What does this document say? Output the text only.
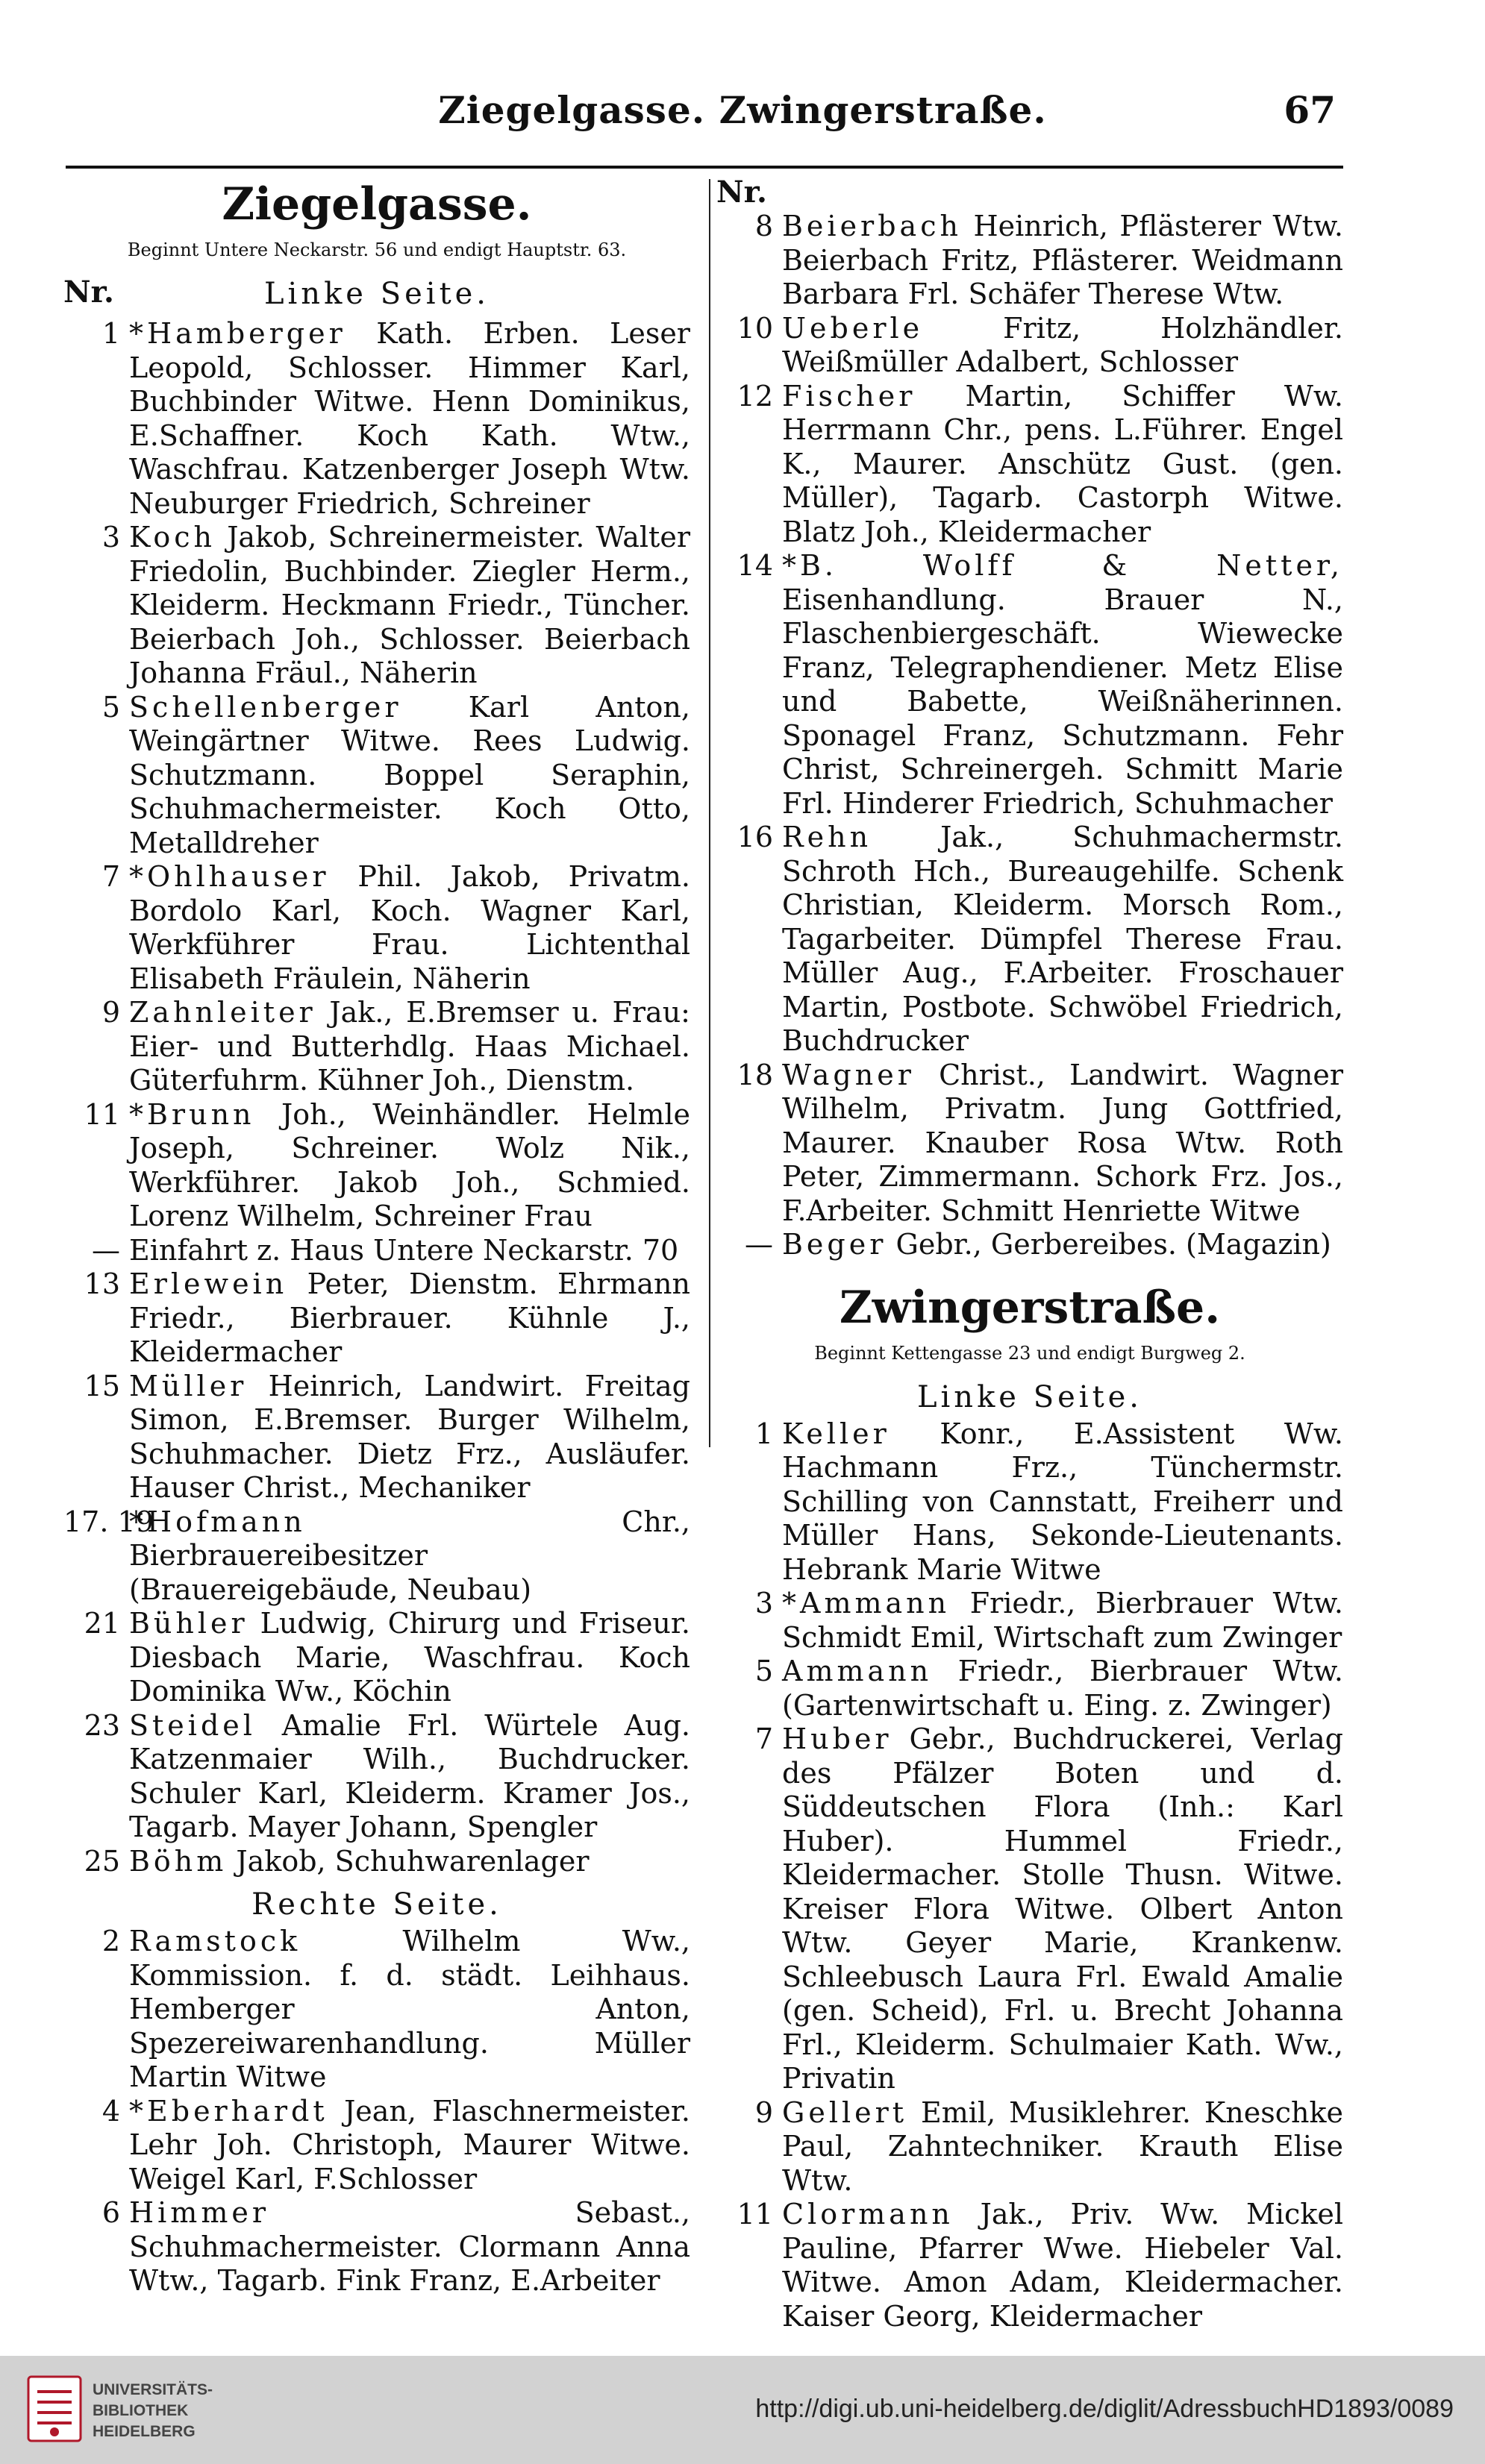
Ziegelgasse. Zwingerstraße.	67
Ziegelgasse.
Beginnt Untere Neckarstr. 56 und endigt Hauptstr. 63.
Nr.	Linke Seite.
1 *Hamberger Kath. Erben. Leser Leopold, Schlosser. Himmer Karl, Buchbinder Witwe. Henn Dominikus, E.Schaffner. Koch Kath. Wtw., Waschfrau. Katzenberger Joseph Wtw. Neuburger Friedrich, Schreiner
3 Koch Jakob, Schreinermeister. Walter Friedolin, Buchbinder. Ziegler Herm., Kleiderm. Heckmann Friedr., Tüncher. Beierbach Joh., Schlosser. Beierbach Johanna Fräul., Näherin
5 Schellenberger Karl Anton, Weingärtner Witwe. Rees Ludwig. Schutzmann. Boppel Seraphin, Schuhmachermeister. Koch Otto, Metalldreher
7 *Ohlhauser Phil. Jakob, Privatm. Bordolo Karl, Koch. Wagner Karl, Werkführer Frau. Lichtenthal Elisabeth Fräulein, Näherin
9 Zahnleiter Jak., E.Bremser u. Frau: Eier- und Butterhdlg. Haas Michael. Güterfuhrm. Kühner Joh., Dienstm.
11 *Brunn Joh., Weinhändler. Helmle Joseph, Schreiner. Wolz Nik., Werkführer. Jakob Joh., Schmied. Lorenz Wilhelm, Schreiner Frau
— Einfahrt z. Haus Untere Neckarstr. 70
13 Erlewein Peter, Dienstm. Ehrmann Friedr., Bierbrauer. Kühnle J., Kleidermacher
15 Müller Heinrich, Landwirt. Freitag Simon, E.Bremser. Burger Wilhelm, Schuhmacher. Dietz Frz., Ausläufer. Hauser Christ., Mechaniker
17. 19
*Hofmann	Chr., Bierbrauereibesitzer (Brauereigebäude, Neubau)
21 Bühler Ludwig, Chirurg und Friseur. Diesbach Marie, Waschfrau. Koch Dominika Ww., Köchin
23 Steidel Amalie Frl. Würtele Aug. Katzenmaier Wilh., Buchdrucker. Schuler Karl, Kleiderm. Kramer Jos., Tagarb. Mayer Johann, Spengler
25 Böhm Jakob, Schuhwarenlager
Rechte Seite.
2 Ramstock	Wilhelm Ww., Kommission. f. d. städt. Leihhaus. Hemberger Anton, Spezereiwarenhandlung. Müller Martin Witwe
4 *Eberhardt Jean, Flaschnermeister. Lehr Joh. Christoph, Maurer Witwe. Weigel Karl, F.Schlosser
6 Himmer	Sebast., Schuhmachermeister. Clormann Anna Wtw., Tagarb. Fink Franz, E.Arbeiter
Nr.
8 Beierbach Heinrich, Pflästerer Wtw. Beierbach Fritz, Pflästerer. Weidmann Barbara Frl. Schäfer Therese Wtw.
10 Ueberle	Fritz, Holzhändler. Weißmüller Adalbert, Schlosser
12 Fischer Martin, Schiffer Ww. Herrmann Chr., pens. L.Führer. Engel K., Maurer. Anschütz Gust. (gen. Müller), Tagarb. Castorph Witwe. Blatz Joh., Kleidermacher
14 *B. Wolff & Netter, Eisenhandlung. Brauer N., Flaschenbiergeschäft. Wiewecke Franz, Telegraphendiener. Metz Elise und Babette, Weißnäherinnen. Sponagel Franz, Schutzmann. Fehr Christ, Schreinergeh. Schmitt Marie Frl. Hinderer Friedrich, Schuhmacher
16 Rehn Jak., Schuhmachermstr. Schroth Hch., Bureaugehilfe. Schenk Christian, Kleiderm. Morsch Rom., Tagarbeiter. Dümpfel Therese Frau. Müller Aug., F.Arbeiter. Froschauer Martin, Postbote. Schwöbel Friedrich, Buchdrucker
18 Wagner Christ., Landwirt. Wagner Wilhelm, Privatm. Jung Gottfried, Maurer. Knauber Rosa Wtw. Roth Peter, Zimmermann. Schork Frz. Jos., F.Arbeiter. Schmitt Henriette Witwe
— Beger Gebr., Gerbereibes. (Magazin)
Zwingerstraße.
Beginnt Kettengasse 23 und endigt Burgweg 2.
Linke Seite.
1 Keller Konr., E.Assistent Ww. Hachmann Frz., Tünchermstr. Schilling von Cannstatt, Freiherr und Müller Hans, Sekonde-Lieutenants. Hebrank Marie Witwe
3 *Ammann Friedr., Bierbrauer Wtw. Schmidt Emil, Wirtschaft zum Zwinger
5 Ammann Friedr., Bierbrauer Wtw. (Gartenwirtschaft u. Eing. z. Zwinger)
7 Huber Gebr., Buchdruckerei, Verlag des Pfälzer Boten und d. Süddeutschen Flora (Inh.: Karl Huber). Hummel Friedr., Kleidermacher. Stolle Thusn. Witwe. Kreiser Flora Witwe. Olbert Anton Wtw. Geyer Marie, Krankenw. Schleebusch Laura Frl. Ewald Amalie (gen. Scheid), Frl. u. Brecht Johanna Frl., Kleiderm. Schulmaier Kath. Ww., Privatin
9 Gellert Emil, Musiklehrer. Kneschke Paul, Zahntechniker. Krauth Elise Wtw.
11 Clormann Jak., Priv. Ww. Mickel Pauline, Pfarrer Wwe. Hiebeler Val. Witwe. Amon Adam, Kleidermacher. Kaiser Georg, Kleidermacher
UNIVERSITÄTS-
BIBLIOTHEK
HEIDELBERG
http://digi.ub.uni-heidelberg.de/diglit/AdressbuchHD1893/0089
